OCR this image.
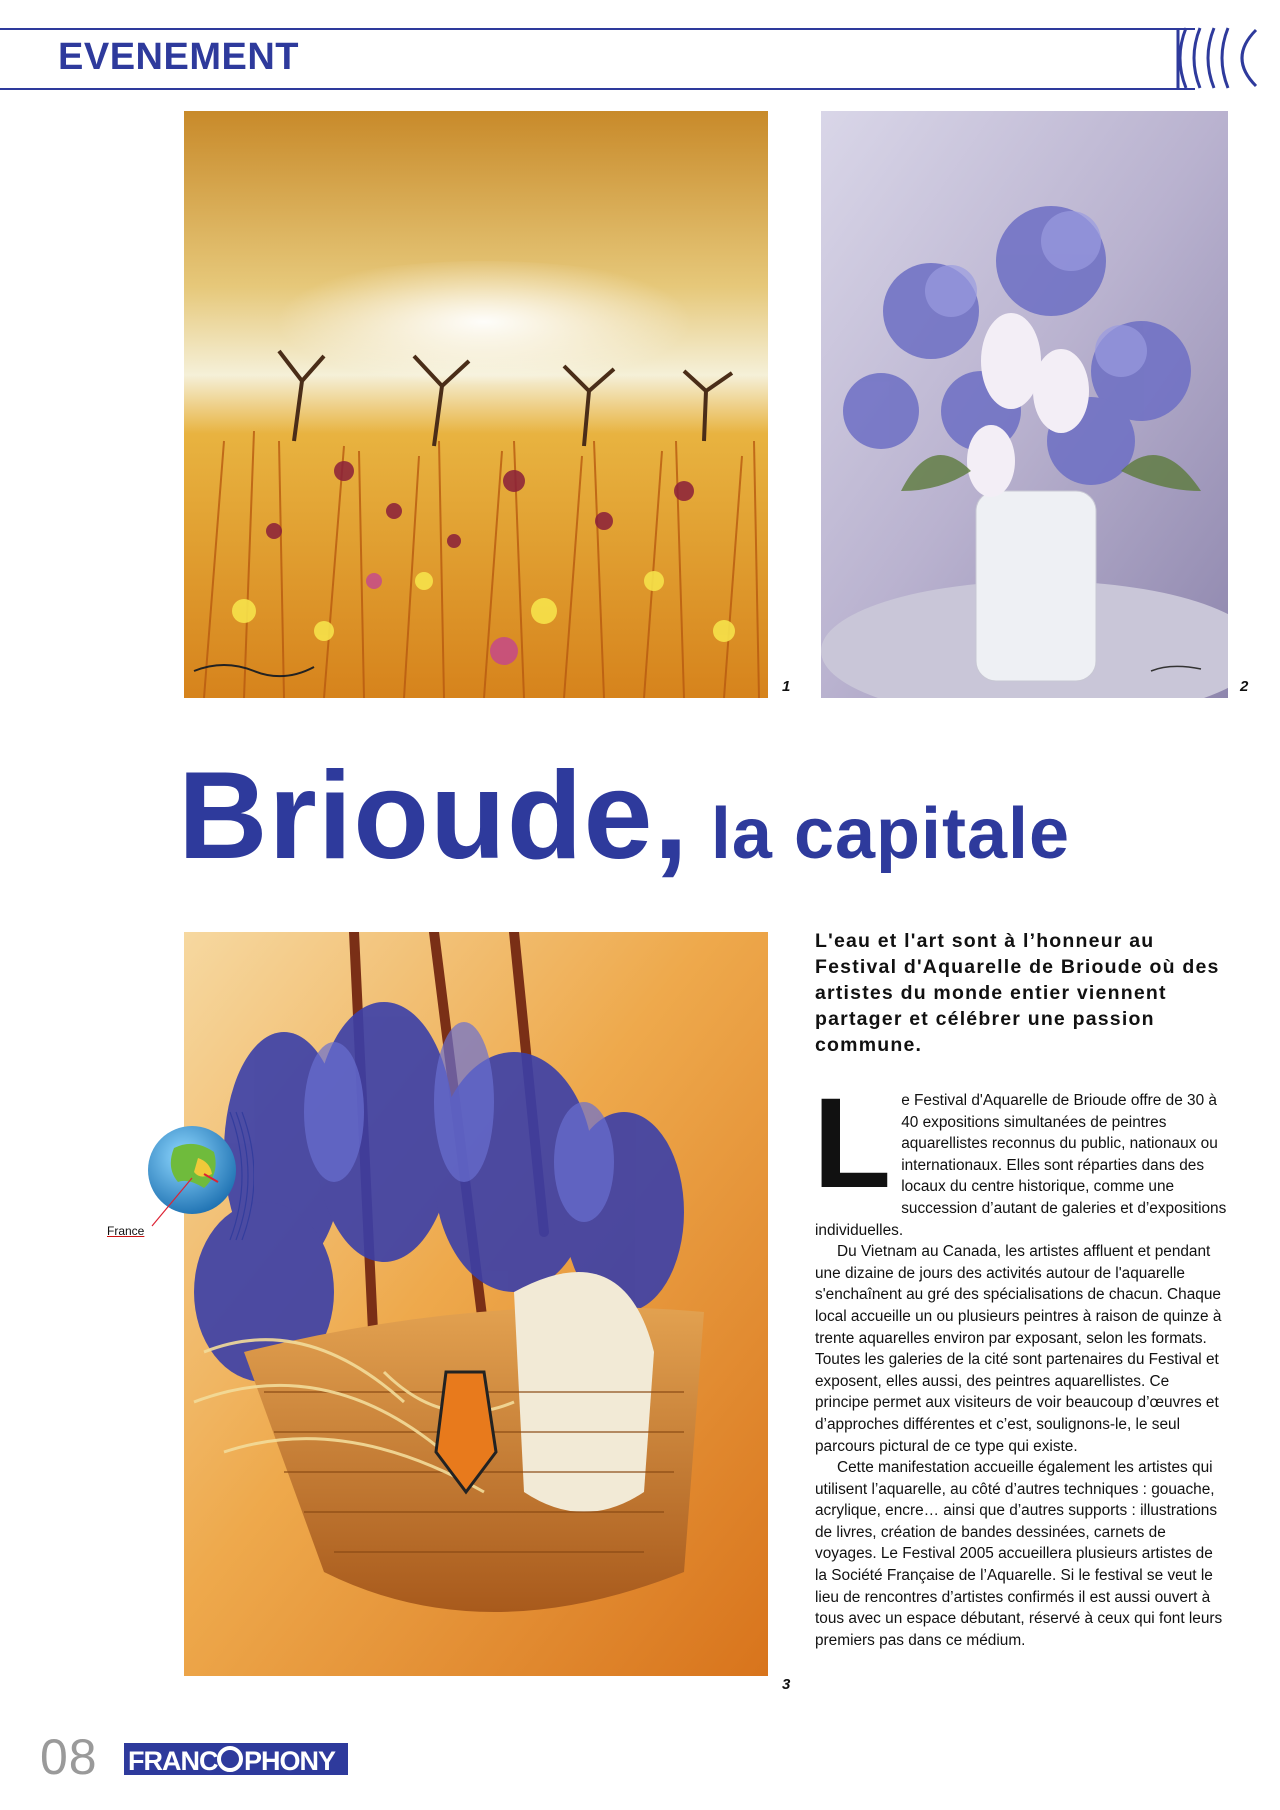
EVENEMENT
1	2
Brioude, la capitale
3
France
L'eau et l'art sont à l’honneur au Festival d'Aquarelle de Brioude où des artistes du monde entier viennent partager et célébrer une passion commune.

Le Festival d'Aquarelle de Brioude offre de 30 à 40 expositions simultanées de peintres aquarellistes reconnus du public, nationaux ou internationaux. Elles sont réparties dans des locaux du centre historique, comme une succession d’autant de galeries et d’expositions individuelles.

Du Vietnam au Canada, les artistes affluent et pendant une dizaine de jours des activités autour de l'aquarelle s'enchaînent au gré des spécialisations de chacun. Chaque local accueille un ou plusieurs peintres à raison de quinze à trente aquarelles environ par exposant, selon les formats. Toutes les galeries de la cité sont partenaires du Festival et exposent, elles aussi, des peintres aquarellistes. Ce principe permet aux visiteurs de voir beaucoup d’œuvres et d’approches différentes et c’est, soulignons-le, le seul parcours pictural de ce type qui existe.

Cette manifestation accueille également les artistes qui utilisent l’aquarelle, au côté d’autres techniques : gouache, acrylique, encre… ainsi que d’autres supports : illustrations de livres, création de bandes dessinées, carnets de voyages. Le Festival 2005 accueillera plusieurs artistes de la Société Française de l’Aquarelle. Si le festival se veut le lieu de rencontres d’artistes confirmés il est aussi ouvert à tous avec un espace débutant, réservé à ceux qui font leurs premiers pas dans ce médium.

08 FRANC PHONY
